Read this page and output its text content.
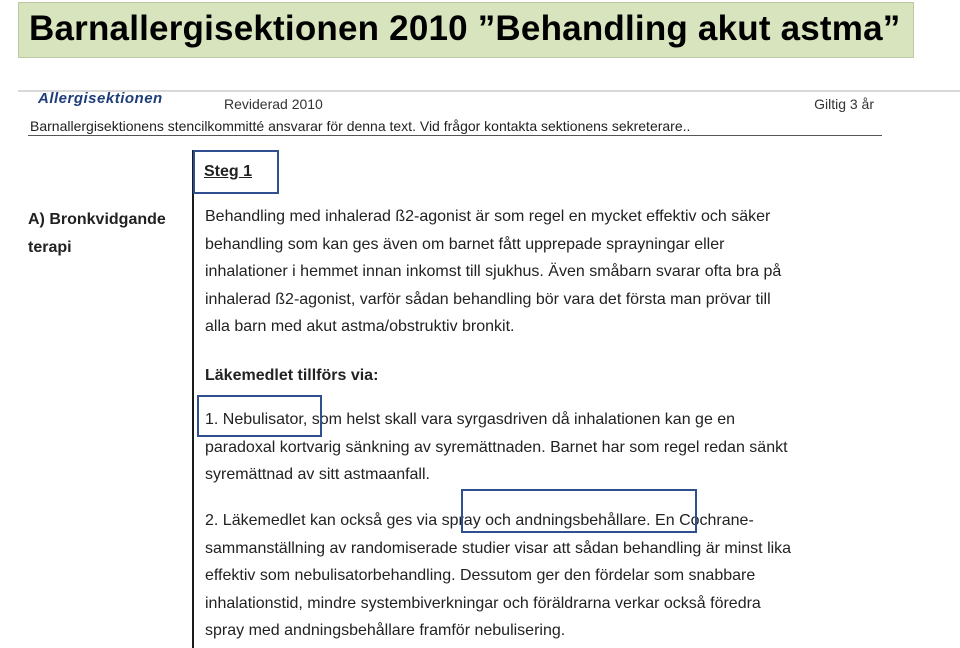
Barnallergisektionen 2010 ”Behandling akut astma”
Allergisektionen	Reviderad 2010	Giltig 3 år
Barnallergisektionens stencilkommitté ansvarar för denna text. Vid frågor kontakta sektionens sekreterare..
Steg 1
A) Bronkvidgande
terapi
Behandling med inhalerad ß2-agonist är som regel en mycket effektiv och säker
behandling som kan ges även om barnet fått upprepade sprayningar eller
inhalationer i hemmet innan inkomst till sjukhus. Även småbarn svarar ofta bra på
inhalerad ß2-agonist, varför sådan behandling bör vara det första man prövar till
alla barn med akut astma/obstruktiv bronkit.
Läkemedlet tillförs via:
1. Nebulisator, som helst skall vara syrgasdriven då inhalationen kan ge en
paradoxal kortvarig sänkning av syremättnaden. Barnet har som regel redan sänkt
syremättnad av sitt astmaanfall.
2. Läkemedlet kan också ges via spray och andningsbehållare. En Cochrane-
sammanställning av randomiserade studier visar att sådan behandling är minst lika
effektiv som nebulisatorbehandling. Dessutom ger den fördelar som snabbare
inhalationstid, mindre systembiverkningar och föräldrarna verkar också föredra
spray med andningsbehållare framför nebulisering.
